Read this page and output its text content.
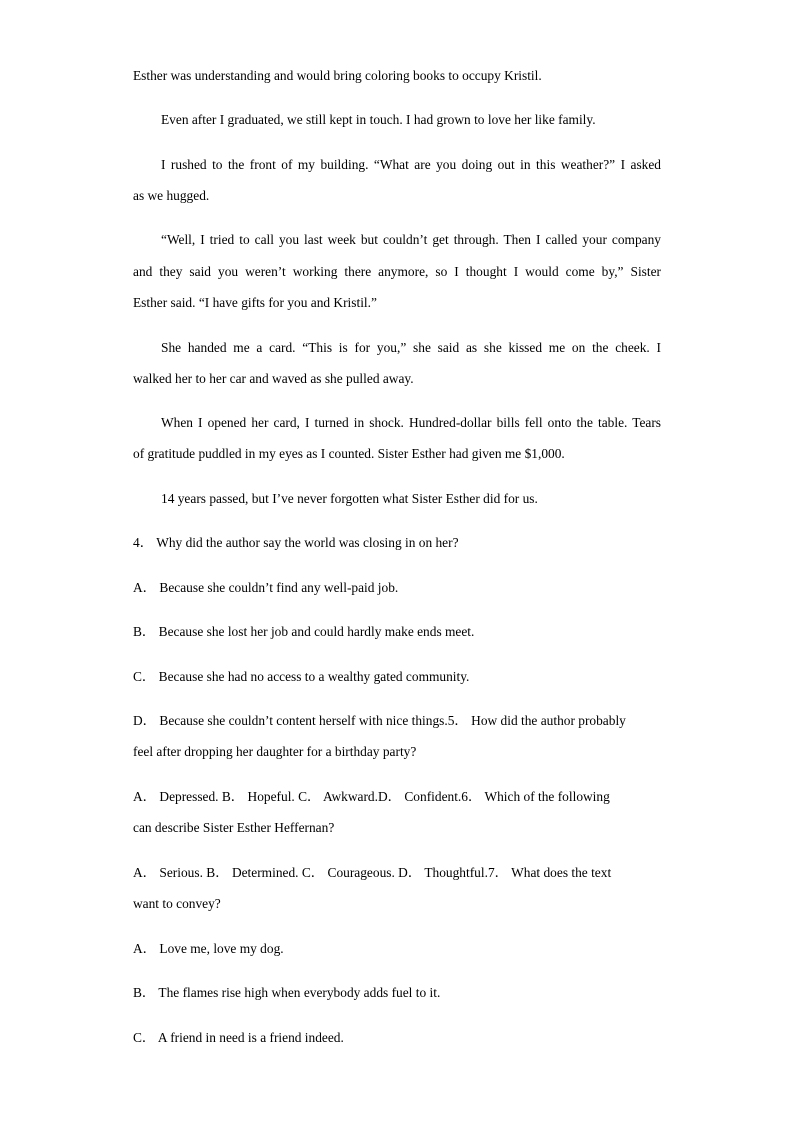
Esther was understanding and would bring coloring books to occupy Kristil.

Even after I graduated, we still kept in touch. I had grown to love her like family.

I rushed to the front of my building. “What are you doing out in this weather?” I asked

as we hugged.

“Well, I tried to call you last week but couldn’t get through. Then I called your company

and they said you weren’t working there anymore, so I thought I would come by,” Sister

Esther said. “I have gifts for you and Kristil.”

She handed me a card. “This is for you,” she said as she kissed me on the cheek. I

walked her to her car and waved as she pulled away.

When I opened her card, I turned in shock. Hundred-dollar bills fell onto the table. Tears

of gratitude puddled in my eyes as I counted. Sister Esther had given me $1,000.

14 years passed, but I’ve never forgotten what Sister Esther did for us.

4． Why did the author say the world was closing in on her?

A． Because she couldn’t find any well-paid job.

B． Because she lost her job and could hardly make ends meet.

C． Because she had no access to a wealthy gated community.

D． Because she couldn’t content herself with nice things.5． How did the author probably

feel after dropping her daughter for a birthday party?

A． Depressed. B． Hopeful. C． Awkward.D． Confident.6． Which of the following

can describe Sister Esther Heffernan?

A． Serious. B． Determined. C． Courageous. D． Thoughtful.7． What does the text

want to convey?

A． Love me, love my dog.

B． The flames rise high when everybody adds fuel to it.

C． A friend in need is a friend indeed.
